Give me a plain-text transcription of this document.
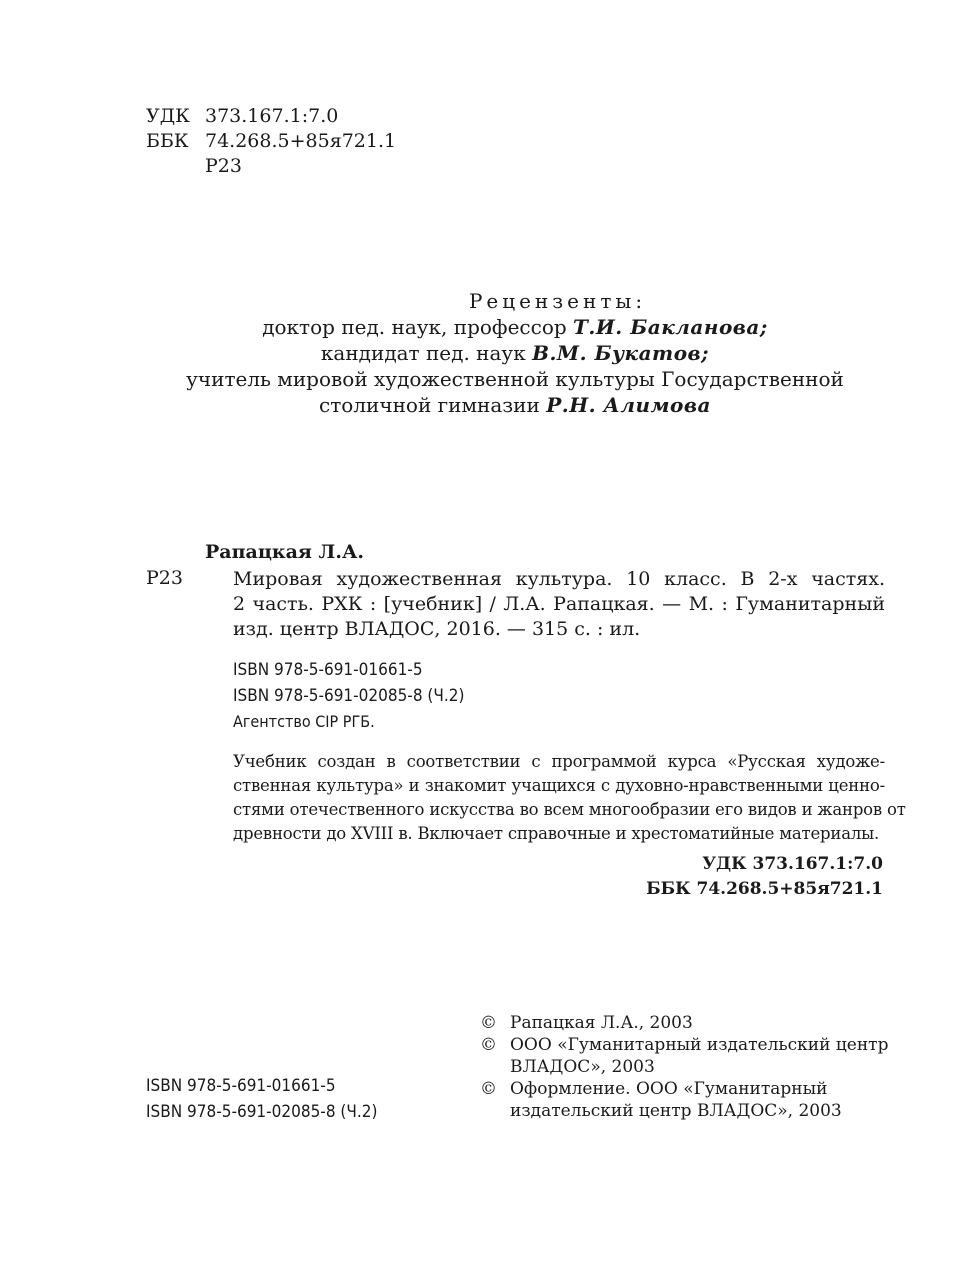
УДК 373.167.1:7.0
ББК 74.268.5+85я721.1
Р23
Рецензенты:
доктор пед. наук, профессор Т.И. Бакланова;
кандидат пед. наук В.М. Букатов;
учитель мировой художественной культуры Государственной
столичной гимназии Р.Н. Алимова
Рапацкая Л.А.
Р23	Мировая художественная культура. 10 класс. В 2-х частях.
2 часть. РХК : [учебник] / Л.А. Рапацкая. — М. : Гуманитарный
изд. центр ВЛАДОС, 2016. — 315 с. : ил.
ISBN 978-5-691-01661-5
ISBN 978-5-691-02085-8 (Ч.2)
Агентство CIP РГБ.
Учебник создан в соответствии с программой курса «Русская художе-
ственная культура» и знакомит учащихся с духовно-нравственными ценно-
стями отечественного искусства во всем многообразии его видов и жанров от
древности до XVIII в. Включает справочные и хрестоматийные материалы.
УДК 373.167.1:7.0
ББК 74.268.5+85я721.1
ISBN 978-5-691-01661-5
ISBN 978-5-691-02085-8 (Ч.2)
© Рапацкая Л.А., 2003
© ООО «Гуманитарный издательский центр
ВЛАДОС», 2003
© Оформление. ООО «Гуманитарный
издательский центр ВЛАДОС», 2003
